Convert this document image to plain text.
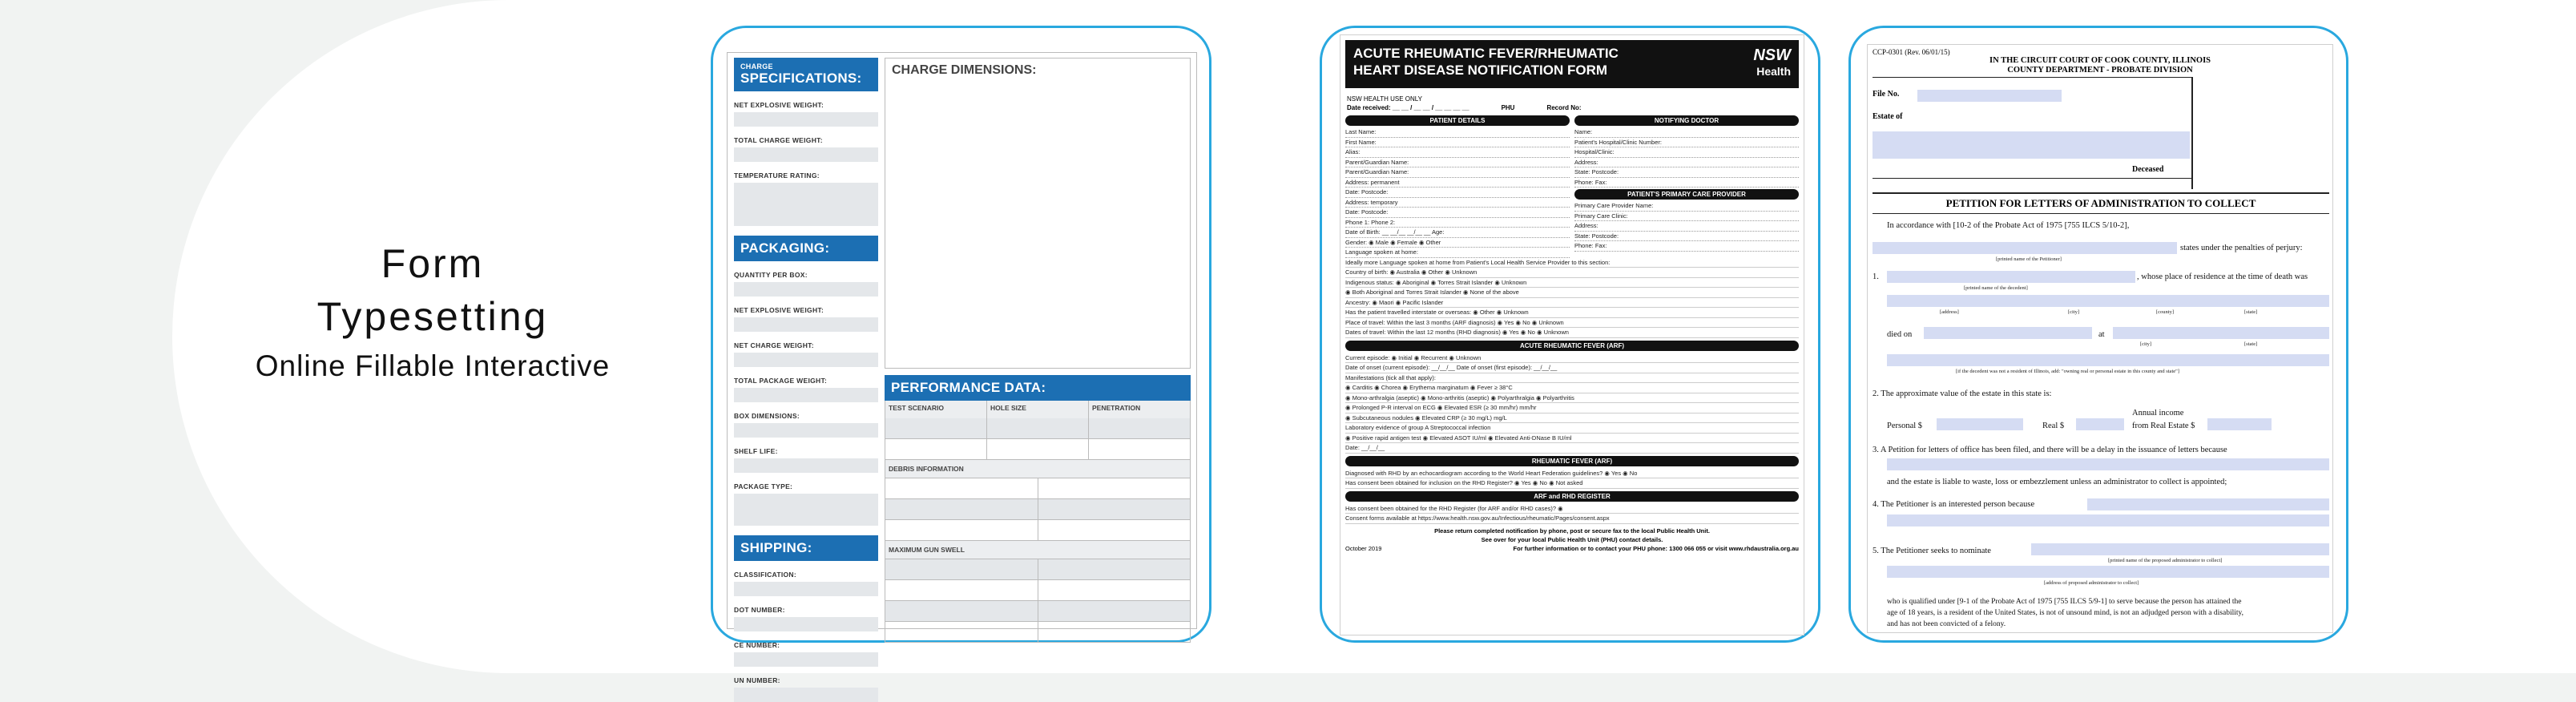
Form
Typesetting
Online Fillable Interactive
CHARGE
SPECIFICATIONS:
NET EXPLOSIVE WEIGHT:
TOTAL CHARGE WEIGHT:
TEMPERATURE RATING:
PACKAGING:
QUANTITY PER BOX:
NET EXPLOSIVE WEIGHT:
NET CHARGE WEIGHT:
TOTAL PACKAGE WEIGHT:
BOX DIMENSIONS:
SHELF LIFE:
PACKAGE TYPE:
SHIPPING:
CLASSIFICATION:
DOT NUMBER:
CE NUMBER:
UN NUMBER:
CHARGE DIMENSIONS:
PERFORMANCE DATA:
TEST SCENARIO	HOLE SIZE	PENETRATION
DEBRIS INFORMATION
MAXIMUM GUN SWELL
ACUTE RHEUMATIC FEVER/RHEUMATIC HEART DISEASE NOTIFICATION FORM
NSW
Health
NSW HEALTH USE ONLY
Date received: __ __ / __ __ / __ __ __ __	PHU	Record No:
PATIENT DETAILS
Last Name:
First Name:
Alias:
Parent/Guardian Name:
Parent/Guardian Name:
Address: permanent
Date: Postcode:
Address: temporary
Date: Postcode:
Phone 1: Phone 2:
Date of Birth: __ __/__ __/__ __ Age:
Gender: ◉ Male ◉ Female ◉ Other
Language spoken at home:
NOTIFYING DOCTOR
Name:
Patient's Hospital/Clinic Number:
Hospital/Clinic:
Address:
State: Postcode:
Phone: Fax:
PATIENT'S PRIMARY CARE PROVIDER
Primary Care Provider Name:
Primary Care Clinic:
Address:
State: Postcode:
Phone: Fax:
Ideally more Language spoken at home from Patient's Local Health Service Provider to this section:
Country of birth: ◉ Australia ◉ Other ◉ Unknown
Indigenous status: ◉ Aboriginal ◉ Torres Strait Islander ◉ Unknown
◉ Both Aboriginal and Torres Strait Islander ◉ None of the above
Ancestry: ◉ Maori ◉ Pacific Islander
Has the patient travelled interstate or overseas: ◉ Other ◉ Unknown
Place of travel: Within the last 3 months (ARF diagnosis) ◉ Yes ◉ No ◉ Unknown
Dates of travel: Within the last 12 months (RHD diagnosis) ◉ Yes ◉ No ◉ Unknown
ACUTE RHEUMATIC FEVER (ARF)
Current episode: ◉ Initial ◉ Recurrent ◉ Unknown
Date of onset (current episode): __/__/__ Date of onset (first episode): __/__/__
Manifestations (tick all that apply):
◉ Carditis ◉ Chorea ◉ Erythema marginatum ◉ Fever ≥ 38°C
◉ Mono-arthralgia (aseptic) ◉ Mono-arthritis (aseptic) ◉ Polyarthralgia ◉ Polyarthritis
◉ Prolonged P-R interval on ECG ◉ Elevated ESR (≥ 30 mm/hr) mm/hr
◉ Subcutaneous nodules ◉ Elevated CRP (≥ 30 mg/L) mg/L
Laboratory evidence of group A Streptococcal infection
◉ Positive rapid antigen test ◉ Elevated ASOT IU/ml ◉ Elevated Anti-DNase B IU/ml
Date: __/__/__
RHEUMATIC FEVER (ARF)
Diagnosed with RHD by an echocardiogram according to the World Heart Federation guidelines? ◉ Yes ◉ No
Has consent been obtained for inclusion on the RHD Register? ◉ Yes ◉ No ◉ Not asked
ARF and RHD REGISTER
Has consent been obtained for the RHD Register (for ARF and/or RHD cases)? ◉
Consent forms available at https://www.health.nsw.gov.au/Infectious/rheumatic/Pages/consent.aspx
Please return completed notification by phone, post or secure fax to the local Public Health Unit.
See over for your local Public Health Unit (PHU) contact details.
October 2019	For further information or to contact your PHU phone: 1300 066 055 or visit www.rhdaustralia.org.au
CCP-0301 (Rev. 06/01/15)
IN THE CIRCUIT COURT OF COOK COUNTY, ILLINOIS
COUNTY DEPARTMENT - PROBATE DIVISION
File No.
Estate of
Deceased
PETITION FOR LETTERS OF ADMINISTRATION TO COLLECT
In accordance with [10-2 of the Probate Act of 1975 [755 ILCS 5/10-2],
states under the penalties of perjury:
[printed name of the Petitioner]
1.	, whose place of residence at the time of death was
[printed name of the decedent]
[address]	[city]	[county]	[state]
died on	at
[city]	[state]
[if the decedent was not a resident of Illinois, add: "owning real or personal estate in this county and state"]
2. The approximate value of the estate in this state is:
Annual income
Personal $	Real $	from Real Estate $
3. A Petition for letters of office has been filed, and there will be a delay in the issuance of letters because
and the estate is liable to waste, loss or embezzlement unless an administrator to collect is appointed;
4. The Petitioner is an interested person because
5. The Petitioner seeks to nominate
[printed name of the proposed administrator to collect]
[address of proposed administrator to collect]
who is qualified under [9-1 of the Probate Act of 1975 [755 ILCS 5/9-1] to serve because the person has attained the
age of 18 years, is a resident of the United States, is not of unsound mind, is not an adjudged person with a disability,
and has not been convicted of a felony.
